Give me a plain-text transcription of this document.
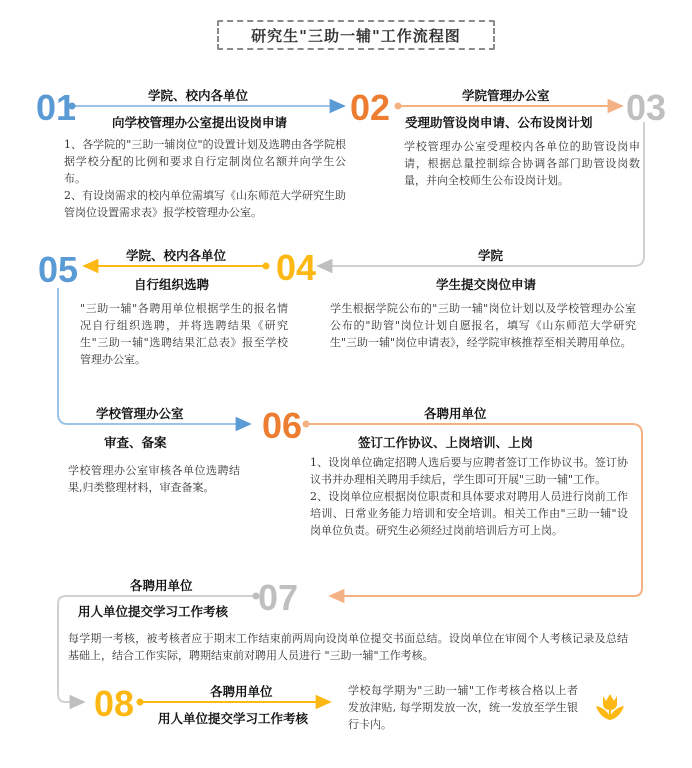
研究生"三助一辅"工作流程图
01	学院、校内各单位
向学校管理办公室提出设岗申请

1、各学院的"三助一辅岗位"的设置计划及选聘由各学院根据学校分配的比例和要求自行定制岗位名额并向学生公布。

2、有设岗需求的校内单位需填写《山东师范大学研究生助管岗位设置需求表》报学校管理办公室。

02	学院管理办公室
受理助管设岗申请、公布设岗计划

学校管理办公室受理校内各单位的助管设岗申请，根据总量控制综合协调各部门助管设岗数量，并向全校师生公布设岗计划。

03
学院
学生提交岗位申请

学生根据学院公布的"三助一辅"岗位计划以及学校管理办公室公布的"助管"岗位计划自愿报名，填写《山东师范大学研究生"三助一辅"岗位申请表》，经学院审核推荐至相关聘用单位。

04
学院、校内各单位
自行组织选聘

"三助一辅"各聘用单位根据学生的报名情况自行组织选聘，并将选聘结果《研究生"三助一辅"选聘结果汇总表》报至学校管理办公室。

05
学校管理办公室
审查、备案

学校管理办公室审核各单位选聘结果,归类整理材料，审查备案。

06	各聘用单位
签订工作协议、上岗培训、上岗

1、设岗单位确定招聘人选后要与应聘者签订工作协议书。签订协议书并办理相关聘用手续后，学生即可开展"三助一辅"工作。

2、设岗单位应根据岗位职责和具体要求对聘用人员进行岗前工作培训、日常业务能力培训和安全培训。相关工作由"三助一辅"设岗单位负责。研究生必须经过岗前培训后方可上岗。

07
各聘用单位
用人单位提交学习工作考核

每学期一考核，被考核者应于期末工作结束前两周向设岗单位提交书面总结。设岗单位在审阅个人考核记录及总结基础上，结合工作实际，聘期结束前对聘用人员进行 "三助一辅"工作考核。

08	各聘用单位
用人单位提交学习工作考核

学校每学期为"三助一辅"工作考核合格以上者发放津贴, 每学期发放一次，统一发放至学生银行卡内。
